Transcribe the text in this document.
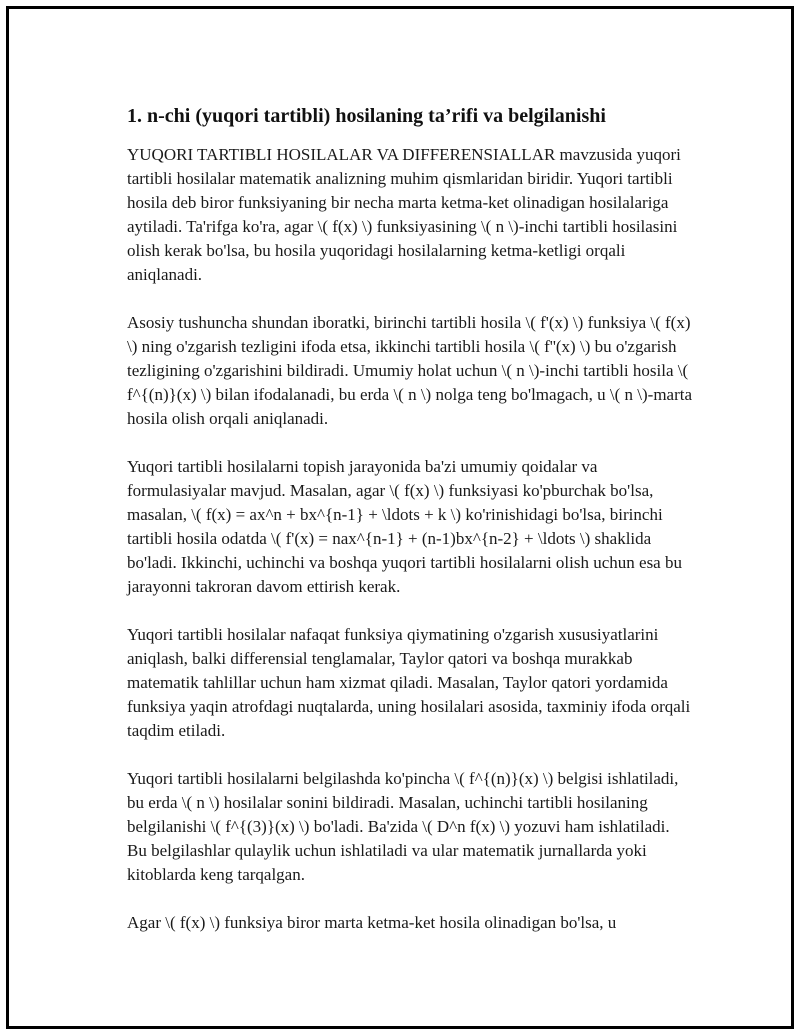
1. n-chi (yuqori tartibli) hosilaning ta’rifi va belgilanishi

YUQORI TARTIBLI HOSILALAR VA DIFFERENSIALLAR mavzusida yuqori tartibli hosilalar matematik analizning muhim qismlaridan biridir. Yuqori tartibli hosila deb biror funksiyaning bir necha marta ketma-ket olinadigan hosilalariga aytiladi. Ta'rifga ko'ra, agar \( f(x) \) funksiyasining \( n \)-inchi tartibli hosilasini olish kerak bo'lsa, bu hosila yuqoridagi hosilalarning ketma-ketligi orqali aniqlanadi.

Asosiy tushuncha shundan iboratki, birinchi tartibli hosila \( f'(x) \) funksiya \( f(x) \) ning o'zgarish tezligini ifoda etsa, ikkinchi tartibli hosila \( f''(x) \) bu o'zgarish tezligining o'zgarishini bildiradi. Umumiy holat uchun \( n \)-inchi tartibli hosila \( f^{(n)}(x) \) bilan ifodalanadi, bu erda \( n \) nolga teng bo'lmagach, u \( n \)-marta hosila olish orqali aniqlanadi.

Yuqori tartibli hosilalarni topish jarayonida ba'zi umumiy qoidalar va formulasiyalar mavjud. Masalan, agar \( f(x) \) funksiyasi ko'pburchak bo'lsa, masalan, \( f(x) = ax^n + bx^{n-1} + \ldots + k \) ko'rinishidagi bo'lsa, birinchi tartibli hosila odatda \( f'(x) = nax^{n-1} + (n-1)bx^{n-2} + \ldots \) shaklida bo'ladi. Ikkinchi, uchinchi va boshqa yuqori tartibli hosilalarni olish uchun esa bu jarayonni takroran davom ettirish kerak.

Yuqori tartibli hosilalar nafaqat funksiya qiymatining o'zgarish xususiyatlarini aniqlash, balki differensial tenglamalar, Taylor qatori va boshqa murakkab matematik tahlillar uchun ham xizmat qiladi. Masalan, Taylor qatori yordamida funksiya yaqin atrofdagi nuqtalarda, uning hosilalari asosida, taxminiy ifoda orqali taqdim etiladi.

Yuqori tartibli hosilalarni belgilashda ko'pincha \( f^{(n)}(x) \) belgisi ishlatiladi, bu erda \( n \) hosilalar sonini bildiradi. Masalan, uchinchi tartibli hosilaning belgilanishi \( f^{(3)}(x) \) bo'ladi. Ba'zida \( D^n f(x) \) yozuvi ham ishlatiladi. Bu belgilashlar qulaylik uchun ishlatiladi va ular matematik jurnallarda yoki kitoblarda keng tarqalgan.

Agar \( f(x) \) funksiya biror marta ketma-ket hosila olinadigan bo'lsa, u
